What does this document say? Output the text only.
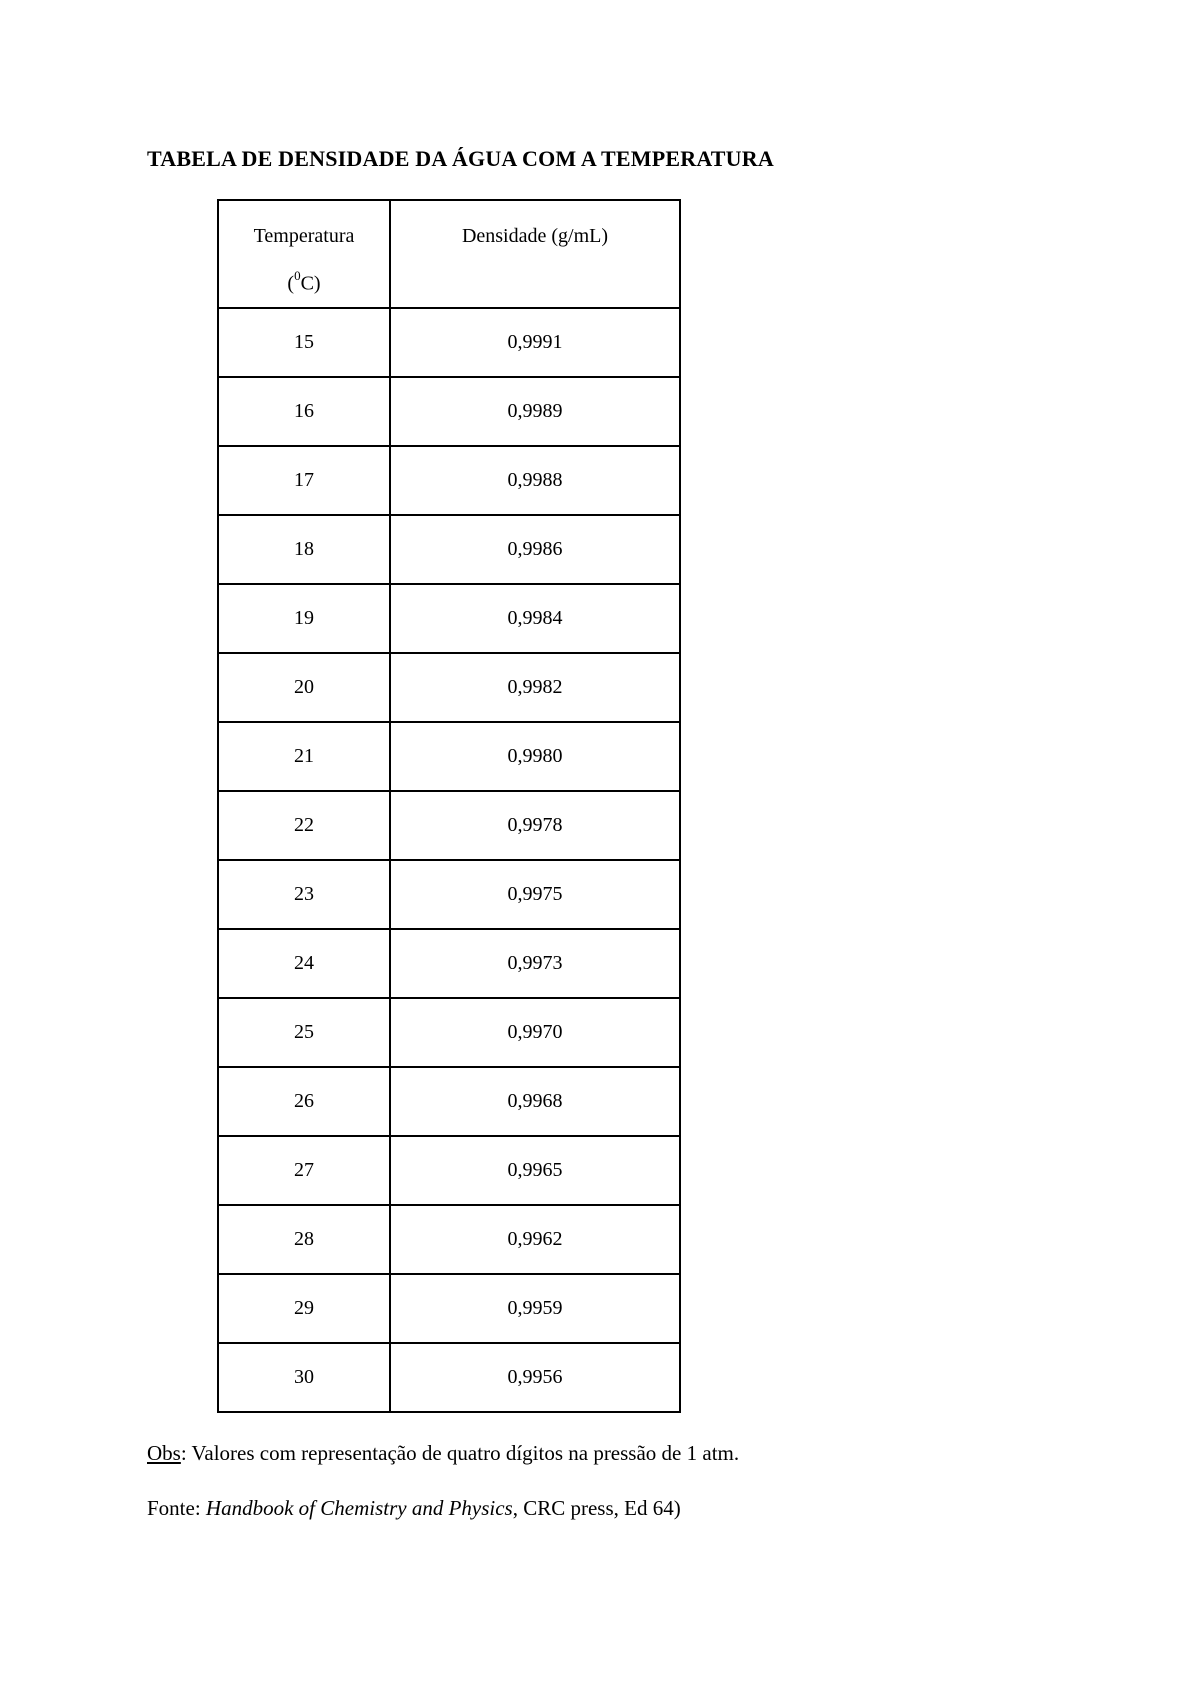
TABELA DE DENSIDADE DA ÁGUA COM A TEMPERATURA
Temperatura
($^0$C)	Densidade (g/mL)
15	0,9991
16	0,9989
17	0,9988
18	0,9986
19	0,9984
20	0,9982
21	0,9980
22	0,9978
23	0,9975
24	0,9973
25	0,9970
26	0,9968
27	0,9965
28	0,9962
29	0,9959
30	0,9956
Obs: Valores com representação de quatro dígitos na pressão de 1 atm.
Fonte: Handbook of Chemistry and Physics, CRC press, Ed 64)
